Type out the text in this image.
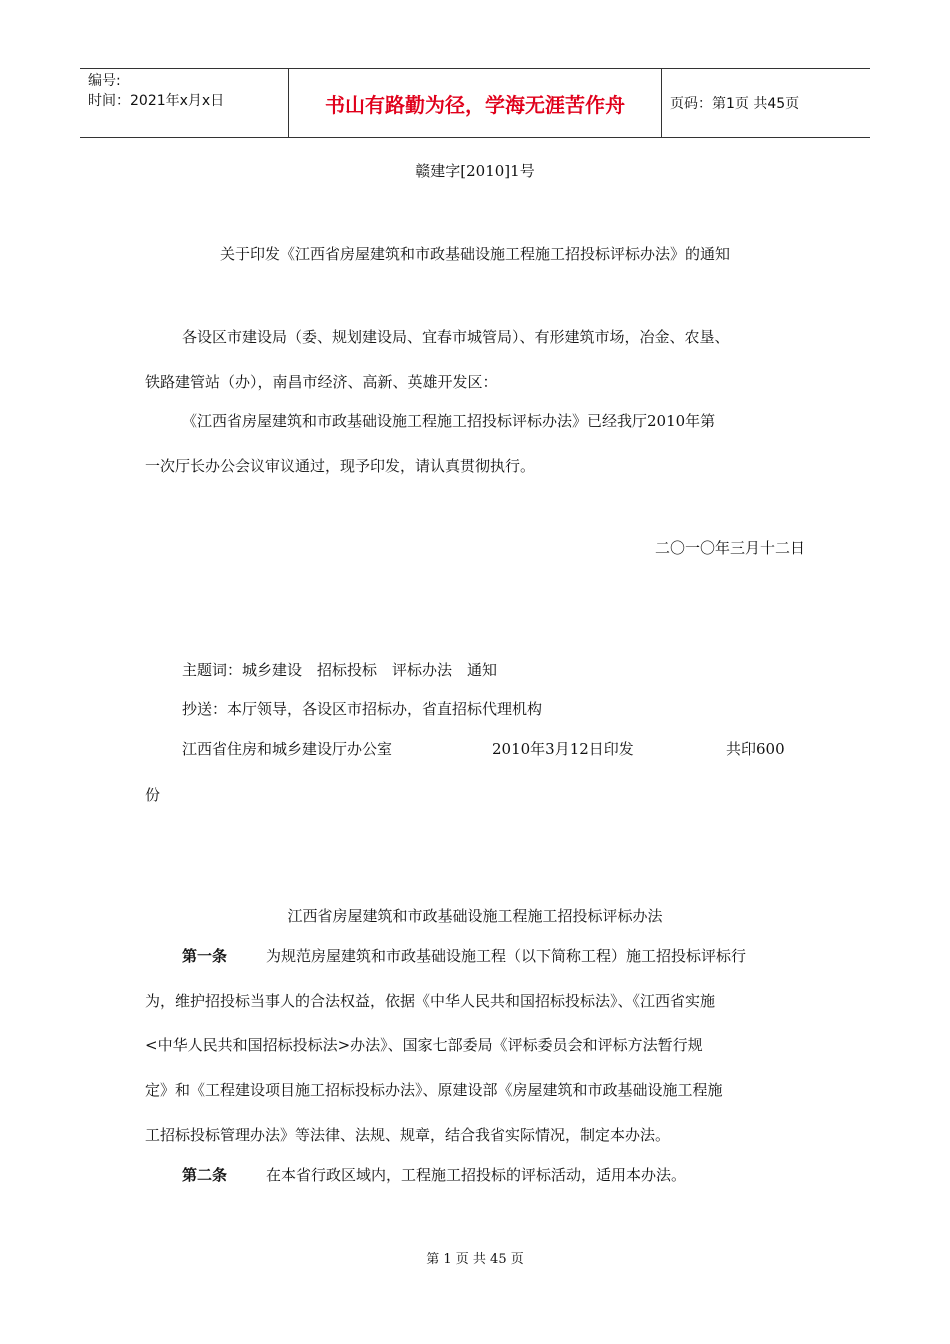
编号:
时间：2021年x月x日	书山有路勤为径，学海无涯苦作舟	页码：第1页 共45页
赣建字[2010]1号
关于印发《江西省房屋建筑和市政基础设施工程施工招投标评标办法》的通知
各设区市建设局（委、规划建设局、宜春市城管局）、有形建筑市场，冶金、农垦、
铁路建管站（办），南昌市经济、高新、英雄开发区：
《江西省房屋建筑和市政基础设施工程施工招投标评标办法》已经我厅2010年第
一次厅长办公会议审议通过，现予印发，请认真贯彻执行。
二〇一〇年三月十二日
主题词：城乡建设　招标投标　评标办法　通知
抄送：本厅领导，各设区市招标办，省直招标代理机构
江西省住房和城乡建设厅办公室	2010年3月12日印发	共印600
份
江西省房屋建筑和市政基础设施工程施工招投标评标办法
第一条	为规范房屋建筑和市政基础设施工程（以下简称工程）施工招投标评标行
为，维护招投标当事人的合法权益，依据《中华人民共和国招标投标法》、《江西省实施
<中华人民共和国招标投标法>办法》、国家七部委局《评标委员会和评标方法暂行规
定》和《工程建设项目施工招标投标办法》、原建设部《房屋建筑和市政基础设施工程施
工招标投标管理办法》等法律、法规、规章，结合我省实际情况，制定本办法。
第二条	在本省行政区域内，工程施工招投标的评标活动，适用本办法。
第 1 页 共 45 页
